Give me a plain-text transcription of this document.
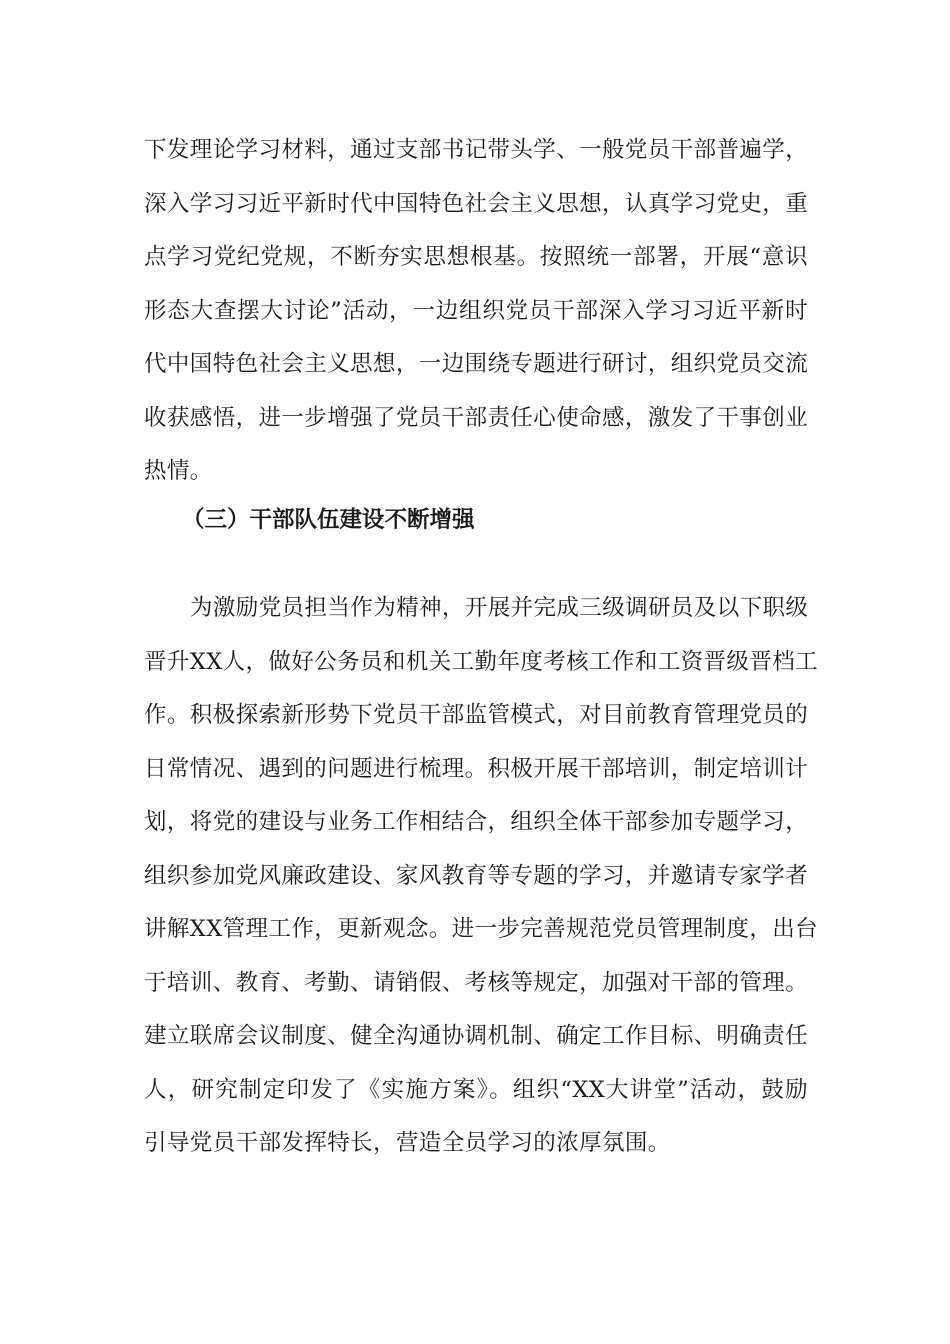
下发理论学习材料，通过支部书记带头学、一般党员干部普遍学，
深入学习习近平新时代中国特色社会主义思想，认真学习党史，重
点学习党纪党规，不断夯实思想根基。按照统一部署，开展“意识
形态大查摆大讨论”活动，一边组织党员干部深入学习习近平新时
代中国特色社会主义思想，一边围绕专题进行研讨，组织党员交流
收获感悟，进一步增强了党员干部责任心使命感，激发了干事创业
热情。
（三）干部队伍建设不断增强
为激励党员担当作为精神，开展并完成三级调研员及以下职级
晋升XX人，做好公务员和机关工勤年度考核工作和工资晋级晋档工
作。积极探索新形势下党员干部监管模式，对目前教育管理党员的
日常情况、遇到的问题进行梳理。积极开展干部培训，制定培训计
划，将党的建设与业务工作相结合，组织全体干部参加专题学习，
组织参加党风廉政建设、家风教育等专题的学习，并邀请专家学者
讲解XX管理工作，更新观念。进一步完善规范党员管理制度，出台
于培训、教育、考勤、请销假、考核等规定，加强对干部的管理。
建立联席会议制度、健全沟通协调机制、确定工作目标、明确责任
人，研究制定印发了《实施方案》。组织“XX大讲堂”活动，鼓励
引导党员干部发挥特长，营造全员学习的浓厚氛围。
